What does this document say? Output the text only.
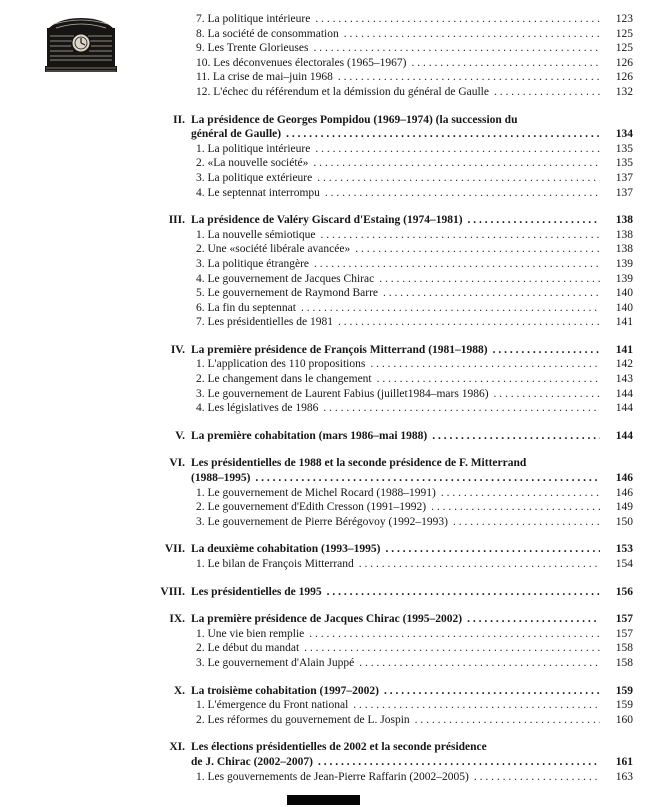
7. La politique intérieure . . .	123
8. La société de consommation . . .	125
9. Les Trente Glorieuses . . .	125
10. Les déconvenues électorales (1965–1967) . . .	126
11. La crise de mai–juin 1968 . . .	126
12. L'échec du référendum et la démission du général de Gaulle . . .	132
II. La présidence de Georges Pompidou (1969–1974) (la succession du
général de Gaulle) . . .	134
1. La politique intérieure . . .	135
2. «La nouvelle société» . . .	135
3. La politique extérieure . . .	137
4. Le septennat interrompu . . .	137
III. La présidence de Valéry Giscard d'Estaing (1974–1981) . . .	138
1. La nouvelle sémiotique . . .	138
2. Une «société libérale avancée» . . .	138
3. La politique étrangère . . .	139
4. Le gouvernement de Jacques Chirac . . .	139
5. Le gouvernement de Raymond Barre . . .	140
6. La fin du septennat . . .	140
7. Les présidentielles de 1981 . . .	141
IV. La première présidence de François Mitterrand (1981–1988) . . .	141
1. L'application des 110 propositions . . .	142
2. Le changement dans le changement . . .	143
3. Le gouvernement de Laurent Fabius (juillet1984–mars 1986) . . .	144
4. Les législatives de 1986 . . .	144
V. La première cohabitation (mars 1986–mai 1988) . . .	144
VI. Les présidentielles de 1988 et la seconde présidence de F. Mitterrand
(1988–1995) . . .	146
1. Le gouvernement de Michel Rocard (1988–1991) . . .	146
2. Le gouvernement d'Edith Cresson (1991–1992) . . .	149
3. Le gouvernement de Pierre Bérégovoy (1992–1993) . . .	150
VII. La deuxième cohabitation (1993–1995) . . .	153
1. Le bilan de François Mitterrand . . .	154
VIII. Les présidentielles de 1995 . . .	156
IX. La première présidence de Jacques Chirac (1995–2002) . . .	157
1. Une vie bien remplie . . .	157
2. Le début du mandat . . .	158
3. Le gouvernement d'Alain Juppé . . .	158
X. La troisième cohabitation (1997–2002) . . .	159
1. L'émergence du Front national . . .	159
2. Les réformes du gouvernement de L. Jospin . . .	160
XI. Les élections présidentielles de 2002 et la seconde présidence
de J. Chirac (2002–2007) . . .	161
1. Les gouvernements de Jean-Pierre Raffarin (2002–2005) . . .	163
